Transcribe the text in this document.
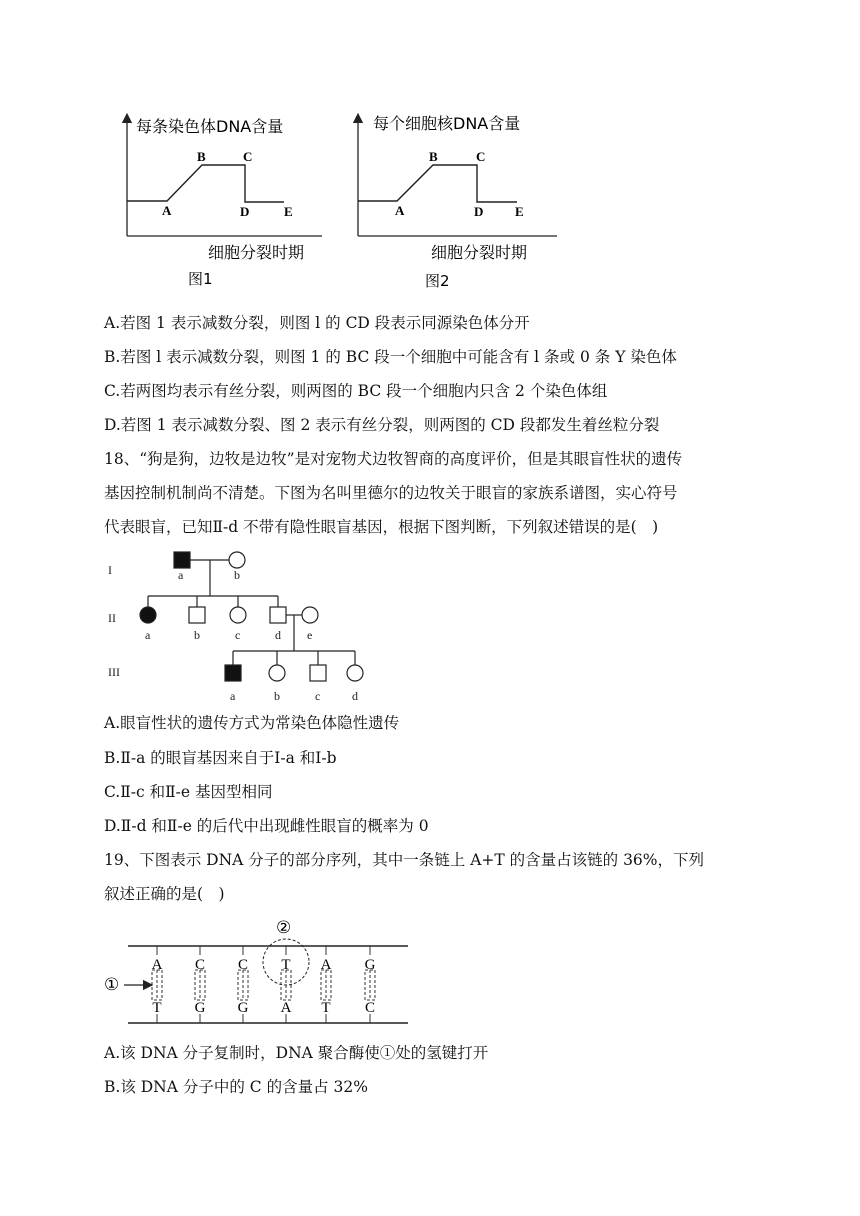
每条染色体DNA含量
A
B	C
D	E
细胞分裂时期
图1
每个细胞核DNA含量
A
B	C
D E
细胞分裂时期
图2
A.若图 1 表示减数分裂，则图 l 的 CD 段表示同源染色体分开
B.若图 l 表示减数分裂，则图 1 的 BC 段一个细胞中可能含有 l 条或 0 条 Y 染色体
C.若两图均表示有丝分裂，则两图的 BC 段一个细胞内只含 2 个染色体组
D.若图 1 表示减数分裂、图 2 表示有丝分裂，则两图的 CD 段都发生着丝粒分裂
18、“狗是狗，边牧是边牧”是对宠物犬边牧智商的高度评价，但是其眼盲性状的遗传
基因控制机制尚不清楚。下图为名叫里德尔的边牧关于眼盲的家族系谱图，实心符号
代表眼盲，已知Ⅱ-d 不带有隐性眼盲基因，根据下图判断，下列叙述错误的是(　)
I
II
III
a	b
a	b	c	d e
a	b	c	d
A.眼盲性状的遗传方式为常染色体隐性遗传
B.Ⅱ-a 的眼盲基因来自于Ⅰ-a 和Ⅰ-b
C.Ⅱ-c 和Ⅱ-e 基因型相同
D.Ⅱ-d 和Ⅱ-e 的后代中出现雌性眼盲的概率为 0
19、下图表示 DNA 分子的部分序列，其中一条链上 A+T 的含量占该链的 36%，下列
叙述正确的是(　)
②
①
A
T
C
G
C
G
T
A
A
T
G
C
A.该 DNA 分子复制时，DNA 聚合酶使①处的氢键打开
B.该 DNA 分子中的 C 的含量占 32%
